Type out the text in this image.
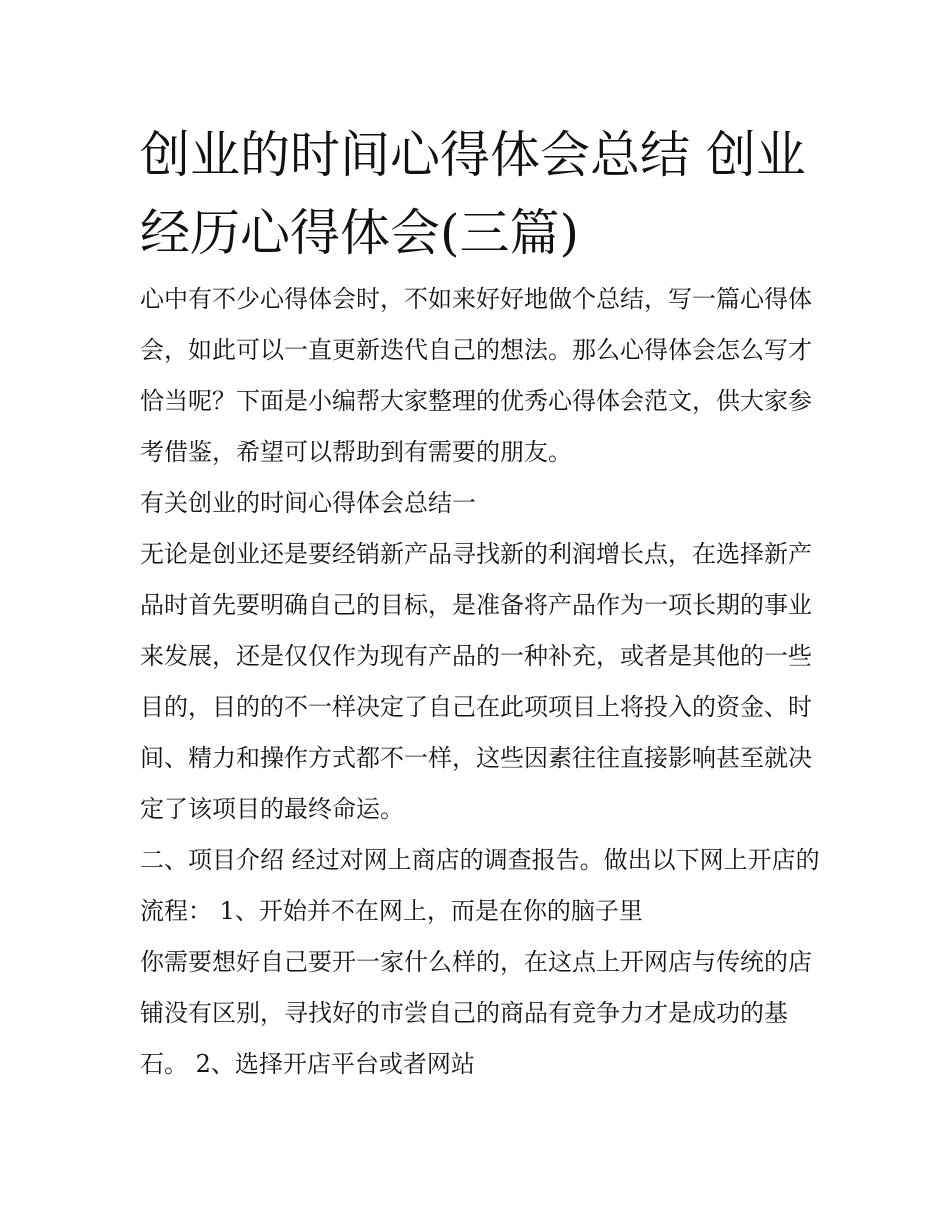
创业的时间心得体会总结 创业经历心得体会(三篇)

心中有不少心得体会时，不如来好好地做个总结，写一篇心得体会，如此可以一直更新迭代自己的想法。那么心得体会怎么写才恰当呢？下面是小编帮大家整理的优秀心得体会范文，供大家参考借鉴，希望可以帮助到有需要的朋友。

有关创业的时间心得体会总结一

无论是创业还是要经销新产品寻找新的利润增长点，在选择新产品时首先要明确自己的目标，是准备将产品作为一项长期的事业来发展，还是仅仅作为现有产品的一种补充，或者是其他的一些目的，目的的不一样决定了自己在此项项目上将投入的资金、时间、精力和操作方式都不一样，这些因素往往直接影响甚至就决定了该项目的最终命运。

二、项目介绍 经过对网上商店的调查报告。做出以下网上开店的流程： 1、开始并不在网上，而是在你的脑子里

你需要想好自己要开一家什么样的，在这点上开网店与传统的店铺没有区别，寻找好的市尝自己的商品有竞争力才是成功的基石。 2、选择开店平台或者网站
